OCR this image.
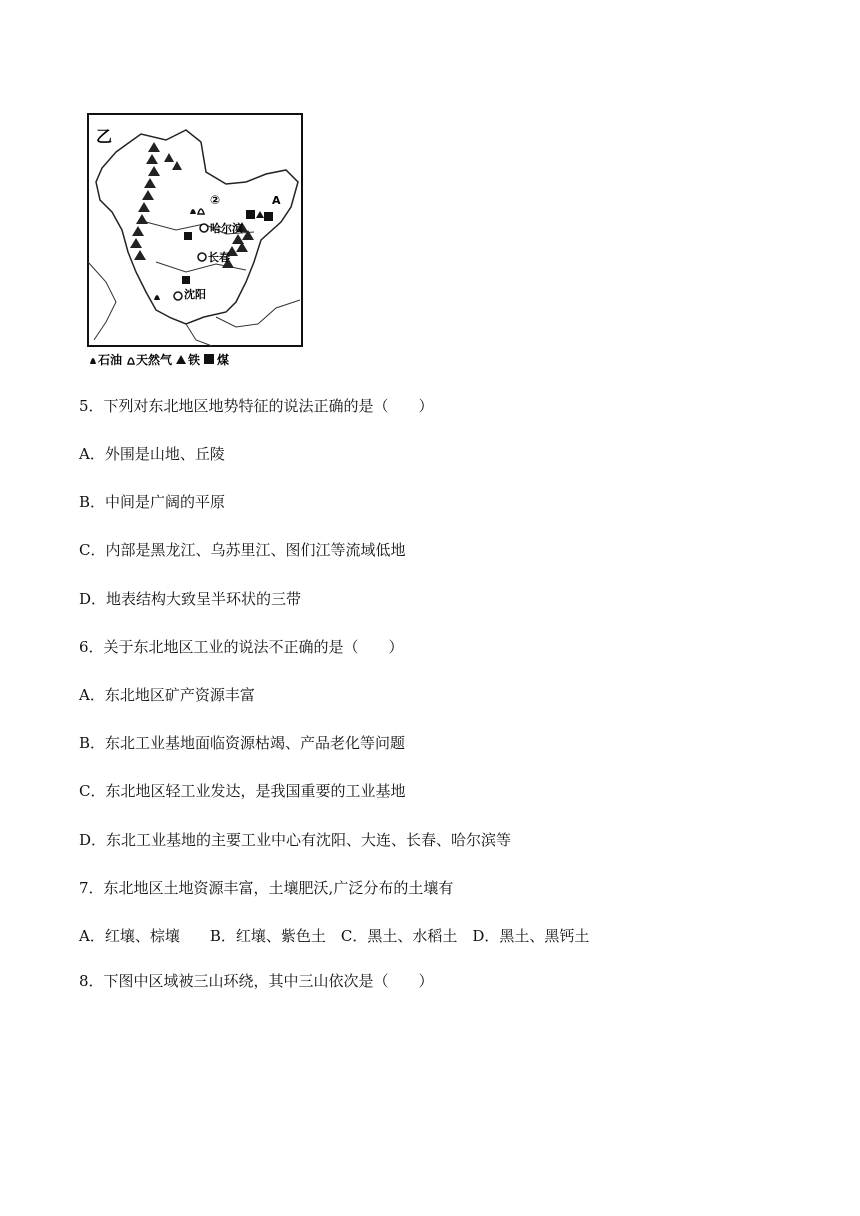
乙
②	A
哈尔滨
长春
沈阳
石油 天然气 铁 煤
5．下列对东北地区地势特征的说法正确的是（　　）
A．外围是山地、丘陵
B．中间是广阔的平原
C．内部是黑龙江、乌苏里江、图们江等流域低地
D．地表结构大致呈半环状的三带
6．关于东北地区工业的说法不正确的是（　　）
A．东北地区矿产资源丰富
B．东北工业基地面临资源枯竭、产品老化等问题
C．东北地区轻工业发达，是我国重要的工业基地
D．东北工业基地的主要工业中心有沈阳、大连、长春、哈尔滨等
7．东北地区土地资源丰富，土壤肥沃,广泛分布的土壤有
A．红壤、棕壤　　B．红壤、紫色土　C．黑土、水稻土　D．黑土、黑钙土
8．下图中区域被三山环绕，其中三山依次是（　　）
